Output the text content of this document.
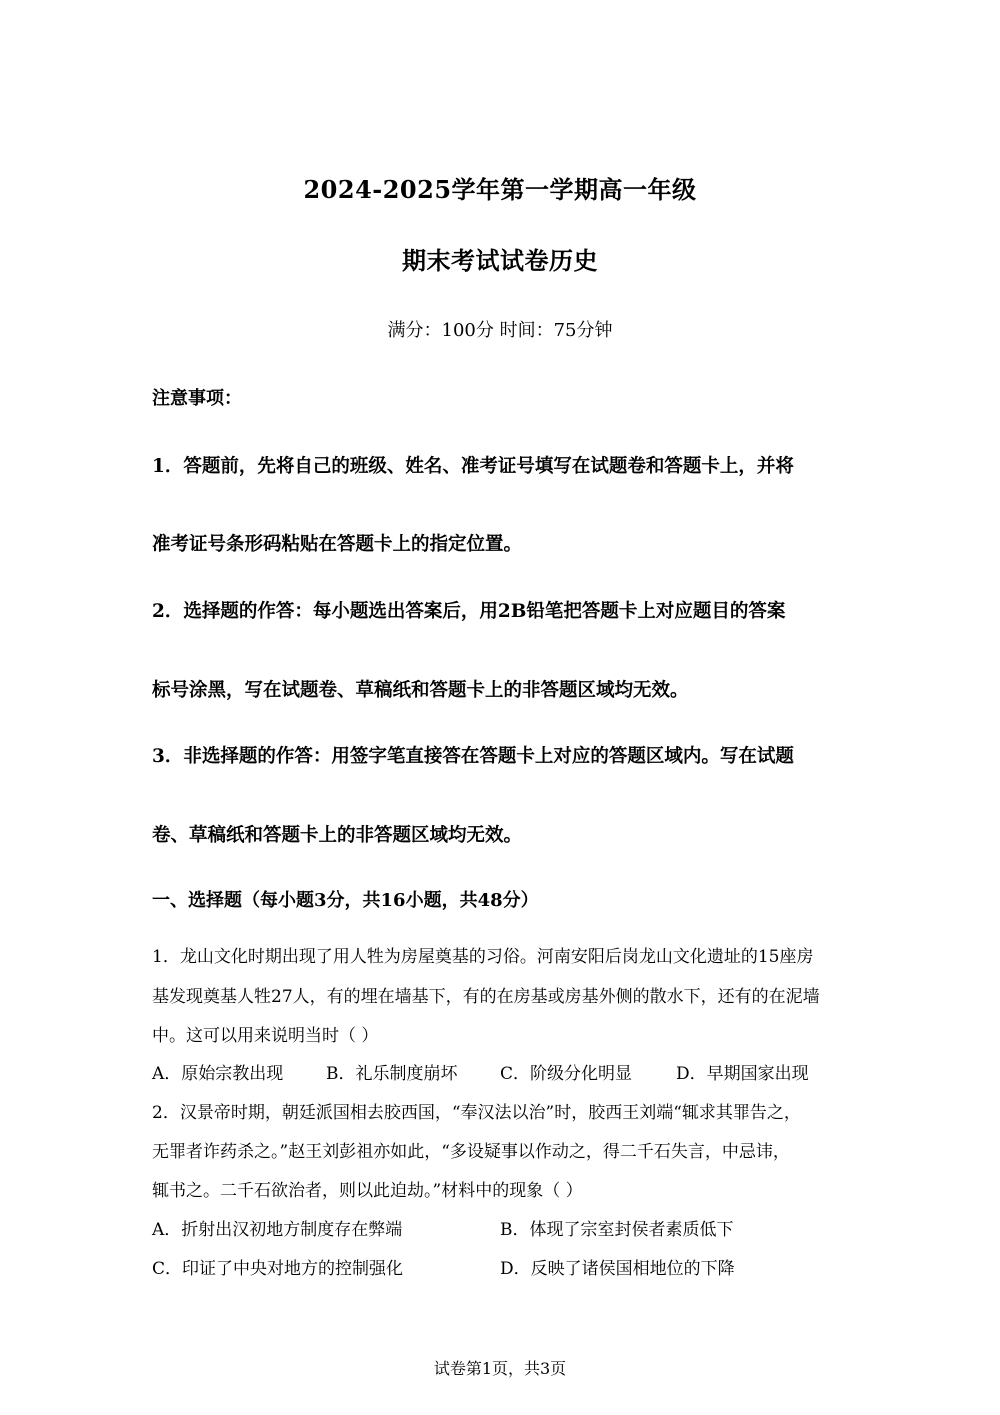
2024-2025学年第一学期高一年级
期末考试试卷历史
满分：100分 时间：75分钟
注意事项：
1．答题前，先将自己的班级、姓名、准考证号填写在试题卷和答题卡上，并将
准考证号条形码粘贴在答题卡上的指定位置。
2．选择题的作答：每小题选出答案后，用2B铅笔把答题卡上对应题目的答案
标号涂黑，写在试题卷、草稿纸和答题卡上的非答题区域均无效。
3．非选择题的作答：用签字笔直接答在答题卡上对应的答题区域内。写在试题
卷、草稿纸和答题卡上的非答题区域均无效。
一、选择题（每小题3分，共16小题，共48分）
1．龙山文化时期出现了用人牲为房屋奠基的习俗。河南安阳后岗龙山文化遗址的15座房
基发现奠基人牲27人，有的埋在墙基下，有的在房基或房基外侧的散水下，还有的在泥墙
中。这可以用来说明当时（ ）
A．原始宗教出现	B．礼乐制度崩坏	C．阶级分化明显	D．早期国家出现
2．汉景帝时期，朝廷派国相去胶西国，“奉汉法以治”时，胶西王刘端“辄求其罪告之，
无罪者诈药杀之。”赵王刘彭祖亦如此，“多设疑事以作动之，得二千石失言，中忌讳，
辄书之。二千石欲治者，则以此迫劫。”材料中的现象（ ）
A．折射出汉初地方制度存在弊端	B．体现了宗室封侯者素质低下
C．印证了中央对地方的控制强化	D．反映了诸侯国相地位的下降
试卷第1页，共3页
